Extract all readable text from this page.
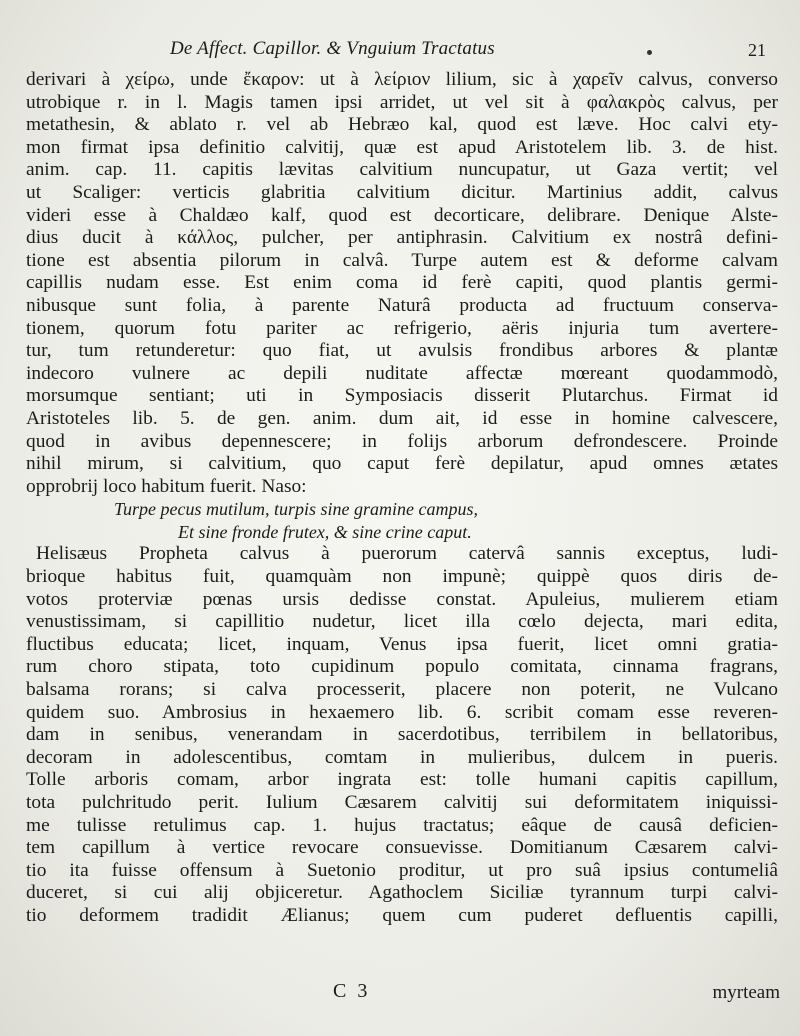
De Affect. Capillor. & Vnguium Tractatus	21
derivari à χείρω, unde ἔκαρον: ut à λείριον lilium, sic à χαρεῖν calvus, converso
utrobique r. in l. Magis tamen ipsi arridet, ut vel sit à φαλακρὸς calvus, per
metathesin, & ablato r. vel ab Hebræo kal, quod est læve. Hoc calvi ety-
mon firmat ipsa definitio calvitij, quæ est apud Aristotelem lib. 3. de hist.
anim. cap. 11. capitis lævitas calvitium nuncupatur, ut Gaza vertit; vel
ut Scaliger: verticis glabritia calvitium dicitur. Martinius addit, calvus
videri esse à Chaldæo kalf, quod est decorticare, delibrare. Denique Alste-
dius ducit à κάλλος, pulcher, per antiphrasin. Calvitium ex nostrâ defini-
tione est absentia pilorum in calvâ. Turpe autem est & deforme calvam
capillis nudam esse. Est enim coma id ferè capiti, quod plantis germi-
nibusque sunt folia, à parente Naturâ producta ad fructuum conserva-
tionem, quorum fotu pariter ac refrigerio, aëris injuria tum avertere-
tur, tum retunderetur: quo fiat, ut avulsis frondibus arbores & plantæ
indecoro vulnere ac depili nuditate affectæ mœreant quodammodò,
morsumque sentiant; uti in Symposiacis disserit Plutarchus. Firmat id
Aristoteles lib. 5. de gen. anim. dum ait, id esse in homine calvescere,
quod in avibus depennescere; in folijs arborum defrondescere. Proinde
nihil mirum, si calvitium, quo caput ferè depilatur, apud omnes ætates
opprobrij loco habitum fuerit. Naso:
Turpe pecus mutilum, turpis sine gramine campus,
Et sine fronde frutex, & sine crine caput.
Helisæus Propheta calvus à puerorum catervâ sannis exceptus, ludi-
brioque habitus fuit, quamquàm non impunè; quippè quos diris de-
votos proterviæ pœnas ursis dedisse constat. Apuleius, mulierem etiam
venustissimam, si capillitio nudetur, licet illa cœlo dejecta, mari edita,
fluctibus educata; licet, inquam, Venus ipsa fuerit, licet omni gratia-
rum choro stipata, toto cupidinum populo comitata, cinnama fragrans,
balsama rorans; si calva processerit, placere non poterit, ne Vulcano
quidem suo. Ambrosius in hexaemero lib. 6. scribit comam esse reveren-
dam in senibus, venerandam in sacerdotibus, terribilem in bellatoribus,
decoram in adolescentibus, comtam in mulieribus, dulcem in pueris.
Tolle arboris comam, arbor ingrata est: tolle humani capitis capillum,
tota pulchritudo perit. Iulium Cæsarem calvitij sui deformitatem iniquissi-
me tulisse retulimus cap. 1. hujus tractatus; eâque de causâ deficien-
tem capillum à vertice revocare consuevisse. Domitianum Cæsarem calvi-
tio ita fuisse offensum à Suetonio proditur, ut pro suâ ipsius contumeliâ
duceret, si cui alij objiceretur. Agathoclem Siciliæ tyrannum turpi calvi-
tio deformem tradidit Ælianus; quem cum puderet defluentis capilli,
C 3	myrteam
